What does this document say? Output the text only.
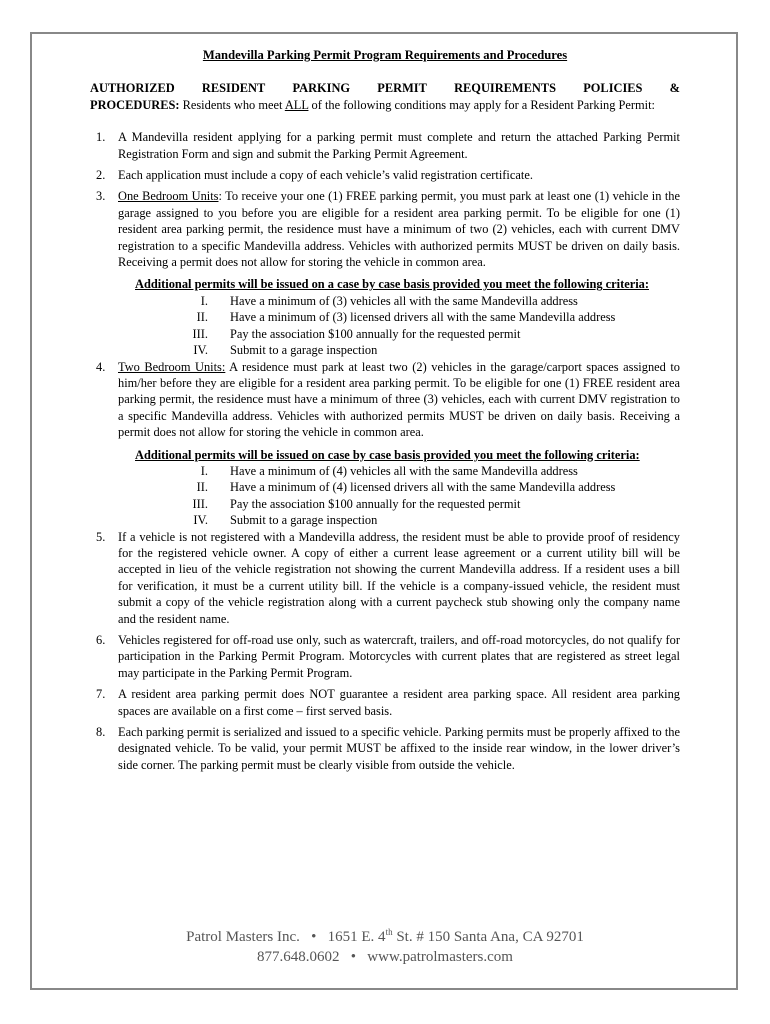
Mandevilla Parking Permit Program Requirements and Procedures
AUTHORIZED RESIDENT PARKING PERMIT REQUIREMENTS POLICIES &
PROCEDURES: Residents who meet ALL of the following conditions may apply for a Resident Parking Permit:
1.	A Mandevilla resident applying for a parking permit must complete and return the attached Parking Permit Registration Form and sign and submit the Parking Permit Agreement.
2.	Each application must include a copy of each vehicle’s valid registration certificate.
3.	One Bedroom Units: To receive your one (1) FREE parking permit, you must park at least one (1) vehicle in the garage assigned to you before you are eligible for a resident area parking permit. To be eligible for one (1) resident area parking permit, the residence must have a minimum of two (2) vehicles, each with current DMV registration to a specific Mandevilla address. Vehicles with authorized permits MUST be driven on daily basis. Receiving a permit does not allow for storing the vehicle in common area.
Additional permits will be issued on a case by case basis provided you meet the following criteria:
I.	Have a minimum of (3) vehicles all with the same Mandevilla address
II.	Have a minimum of (3) licensed drivers all with the same Mandevilla address
III.	Pay the association $100 annually for the requested permit
IV.	Submit to a garage inspection
4.	Two Bedroom Units: A residence must park at least two (2) vehicles in the garage/carport spaces assigned to him/her before they are eligible for a resident area parking permit. To be eligible for one (1) FREE resident area parking permit, the residence must have a minimum of three (3) vehicles, each with current DMV registration to a specific Mandevilla address. Vehicles with authorized permits MUST be driven on daily basis. Receiving a permit does not allow for storing the vehicle in common area.
Additional permits will be issued on case by case basis provided you meet the following criteria:
I.	Have a minimum of (4) vehicles all with the same Mandevilla address
II.	Have a minimum of (4) licensed drivers all with the same Mandevilla address
III.	Pay the association $100 annually for the requested permit
IV.	Submit to a garage inspection
5.	If a vehicle is not registered with a Mandevilla address, the resident must be able to provide proof of residency for the registered vehicle owner. A copy of either a current lease agreement or a current utility bill will be accepted in lieu of the vehicle registration not showing the current Mandevilla address. If a resident uses a bill for verification, it must be a current utility bill. If the vehicle is a company-issued vehicle, the resident must submit a copy of the vehicle registration along with a current paycheck stub showing only the company name and the resident name.
6.	Vehicles registered for off-road use only, such as watercraft, trailers, and off-road motorcycles, do not qualify for participation in the Parking Permit Program. Motorcycles with current plates that are registered as street legal may participate in the Parking Permit Program.
7.	A resident area parking permit does NOT guarantee a resident area parking space. All resident area parking spaces are available on a first come – first served basis.
8.	Each parking permit is serialized and issued to a specific vehicle. Parking permits must be properly affixed to the designated vehicle. To be valid, your permit MUST be affixed to the inside rear window, in the lower driver’s side corner. The parking permit must be clearly visible from outside the vehicle.
Patrol Masters Inc. • 1651 E. 4th St. # 150 Santa Ana, CA 92701
877.648.0602 • www.patrolmasters.com
